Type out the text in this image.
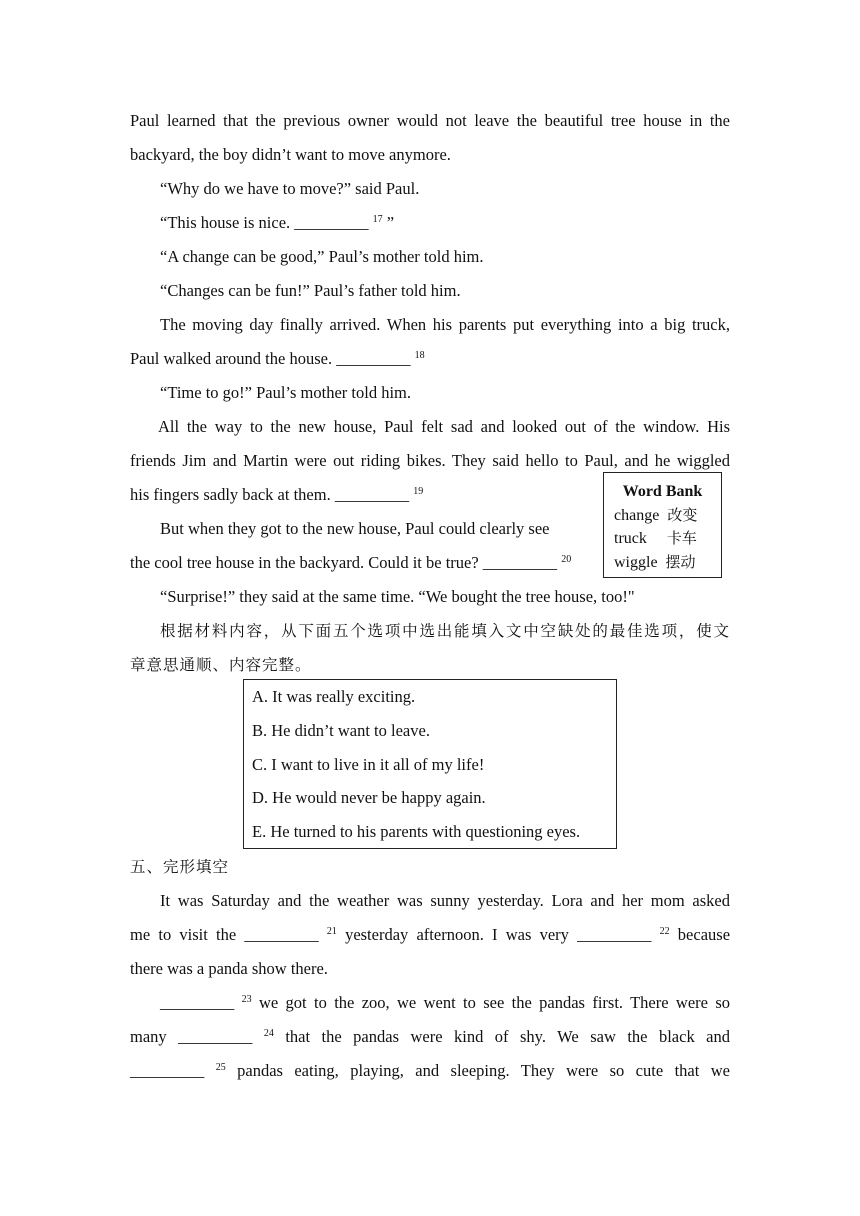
Paul learned that the previous owner would not leave the beautiful tree house in the

backyard, the boy didn’t want to move anymore.

“Why do we have to move?” said Paul.

“This house is nice. _________ $^{17}$ ”

“A change can be good,” Paul’s mother told him.

“Changes can be fun!” Paul’s father told him.

The moving day finally arrived. When his parents put everything into a big truck,

Paul walked around the house. _________ $^{18}$

“Time to go!” Paul’s mother told him.

All the way to the new house, Paul felt sad and looked out of the window. His

friends Jim and Martin were out riding bikes. They said hello to Paul, and he wiggled

his fingers sadly back at them. _________ $^{19}$

But when they got to the new house, Paul could clearly see

the cool tree house in the backyard. Could it be true? _________ $^{20}$

“Surprise!” they said at the same time. “We bought the tree house, too!"

根据材料内容，从下面五个选项中选出能填入文中空缺处的最佳选项，使文

章意思通顺、内容完整。

Word Bank
change 改变
truck 卡车
wiggle 摆动
A. It was really exciting.
B. He didn’t want to leave.
C. I want to live in it all of my life!
D. He would never be happy again.
E. He turned to his parents with questioning eyes.

五、完形填空

It was Saturday and the weather was sunny yesterday. Lora and her mom asked

me to visit the _________ $^{21}$ yesterday afternoon. I was very _________ $^{22}$ because

there was a panda show there.

_________ $^{23}$ we got to the zoo, we went to see the pandas first. There were so

many _________ $^{24}$ that the pandas were kind of shy. We saw the black and

_________ $^{25}$ pandas eating, playing, and sleeping. They were so cute that we
